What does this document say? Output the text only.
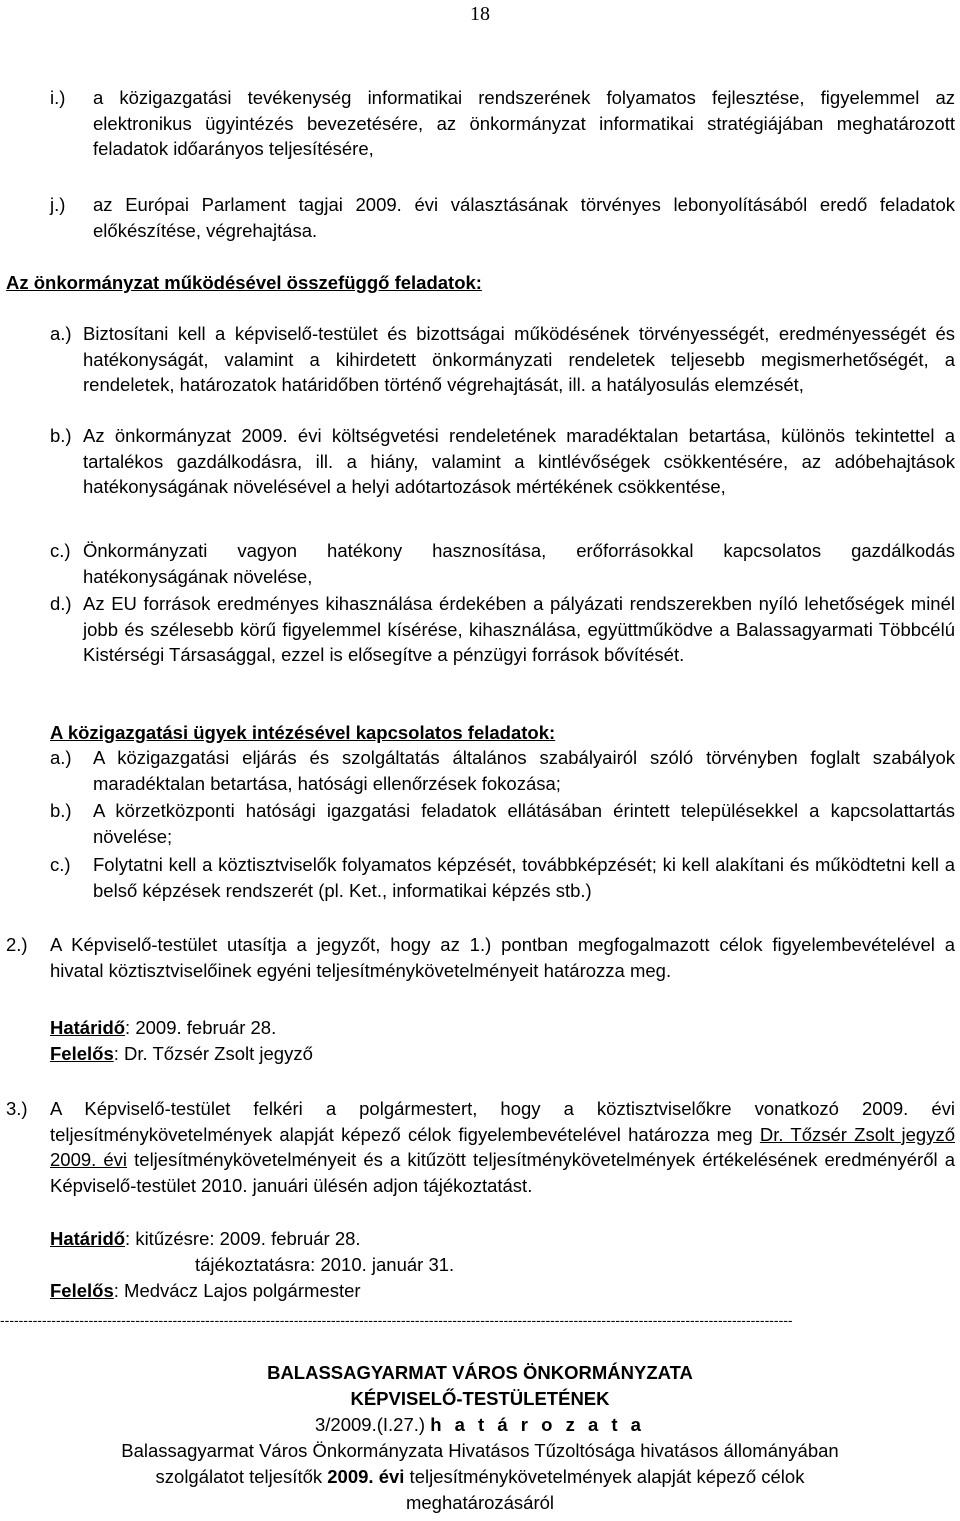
18
i.)	a közigazgatási tevékenység informatikai rendszerének folyamatos fejlesztése, figyelemmel az elektronikus ügyintézés bevezetésére, az önkormányzat informatikai stratégiájában meghatározott feladatok időarányos teljesítésére,
j.)	az Európai Parlament tagjai 2009. évi választásának törvényes lebonyolításából eredő feladatok előkészítése, végrehajtása.
Az önkormányzat működésével összefüggő feladatok:
a.) Biztosítani kell a képviselő-testület és bizottságai működésének törvényességét, eredményességét és hatékonyságát, valamint a kihirdetett önkormányzati rendeletek teljesebb megismerhetőségét, a rendeletek, határozatok határidőben történő végrehajtását, ill. a hatályosulás elemzését,
b.) Az önkormányzat 2009. évi költségvetési rendeletének maradéktalan betartása, különös tekintettel a tartalékos gazdálkodásra, ill. a hiány, valamint a kintlévőségek csökkentésére, az adóbehajtások hatékonyságának növelésével a helyi adótartozások mértékének csökkentése,
c.) Önkormányzati vagyon hatékony hasznosítása, erőforrásokkal kapcsolatos gazdálkodás hatékonyságának növelése,
d.) Az EU források eredményes kihasználása érdekében a pályázati rendszerekben nyíló lehetőségek minél jobb és szélesebb körű figyelemmel kísérése, kihasználása, együttműködve a Balassagyarmati Többcélú Kistérségi Társasággal, ezzel is elősegítve a pénzügyi források bővítését.
A közigazgatási ügyek intézésével kapcsolatos feladatok:
a.)	A közigazgatási eljárás és szolgáltatás általános szabályairól szóló törvényben foglalt szabályok maradéktalan betartása, hatósági ellenőrzések fokozása;
b.)	A körzetközponti hatósági igazgatási feladatok ellátásában érintett településekkel a kapcsolattartás növelése;
c.)	Folytatni kell a köztisztviselők folyamatos képzését, továbbképzését; ki kell alakítani és működtetni kell a belső képzések rendszerét (pl. Ket., informatikai képzés stb.)
2.) A Képviselő-testület utasítja a jegyzőt, hogy az 1.) pontban megfogalmazott célok figyelembevételével a hivatal köztisztviselőinek egyéni teljesítménykövetelményeit határozza meg.
Határidő: 2009. február 28.
Felelős: Dr. Tőzsér Zsolt jegyző
3.) A Képviselő-testület felkéri a polgármestert, hogy a köztisztviselőkre vonatkozó 2009. évi teljesítménykövetelmények alapját képező célok figyelembevételével határozza meg Dr. Tőzsér Zsolt jegyző 2009. évi teljesítménykövetelményeit és a kitűzött teljesítménykövetelmények értékelésének eredményéről a Képviselő-testület 2010. januári ülésén adjon tájékoztatást.
Határidő: kitűzésre: 2009. február 28.
tájékoztatásra: 2010. január 31.
Felelős: Medvácz Lajos polgármester
--------------------------------------------------------------------------------------------------------------------------------------------------------------------------
BALASSAGYARMAT VÁROS ÖNKORMÁNYZATA
KÉPVISELŐ-TESTÜLETÉNEK
3/2009.(I.27.) h a t á r o z a t a
Balassagyarmat Város Önkormányzata Hivatásos Tűzoltósága hivatásos állományában
szolgálatot teljesítők 2009. évi teljesítménykövetelmények alapját képező célok
meghatározásáról
